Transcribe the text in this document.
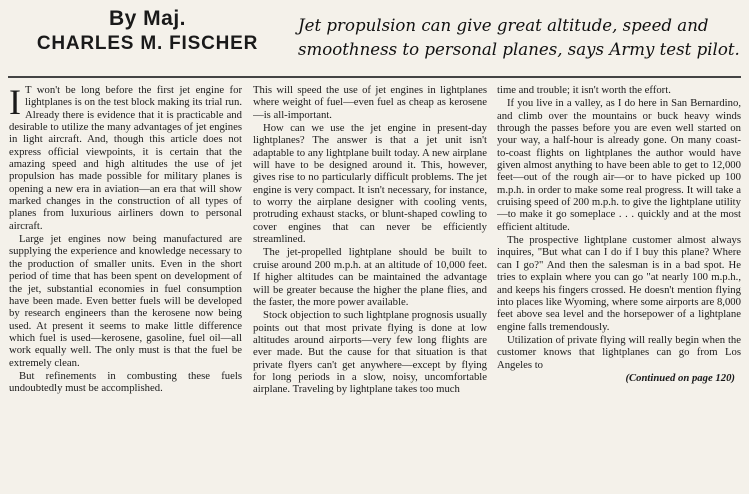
By Maj.
CHARLES M. FISCHER
Jet propulsion can give great altitude, speed and smoothness to personal planes, says Army test pilot.

I T won't be long before the first jet engine for lightplanes is on the test block making its trial run. Already there is evidence that it is practicable and desirable to utilize the many advantages of jet engines in light aircraft. And, though this article does not express official viewpoints, it is certain that the amazing speed and high altitudes the use of jet propulsion has made possible for military planes is opening a new era in aviation—an era that will show marked changes in the construction of all types of planes from luxurious airliners down to personal aircraft.

Large jet engines now being manufactured are supplying the experience and knowledge necessary to the production of smaller units. Even in the short period of time that has been spent on development of the jet, substantial economies in fuel consumption have been made. Even better fuels will be developed by research engineers than the kerosene now being used. At present it seems to make little difference which fuel is used—kerosene, gasoline, fuel oil—all work equally well. The only must is that the fuel be extremely clean.

But refinements in combusting these fuels undoubtedly must be accomplished.

This will speed the use of jet engines in lightplanes where weight of fuel—even fuel as cheap as kerosene—is all-important.

How can we use the jet engine in present-day lightplanes? The answer is that a jet unit isn't adaptable to any lightplane built today. A new airplane will have to be designed around it. This, however, gives rise to no particularly difficult problems. The jet engine is very compact. It isn't necessary, for instance, to worry the airplane designer with cooling vents, protruding exhaust stacks, or blunt-shaped cowling to cover engines that can never be efficiently streamlined.

The jet-propelled lightplane should be built to cruise around 200 m.p.h. at an altitude of 10,000 feet. If higher altitudes can be maintained the advantage will be greater because the higher the plane flies, and the faster, the more power available.

Stock objection to such lightplane prognosis usually points out that most private flying is done at low altitudes around airports—very few long flights are ever made. But the cause for that situation is that private flyers can't get anywhere—except by flying for long periods in a slow, noisy, uncomfortable airplane. Traveling by lightplane takes too much

time and trouble; it isn't worth the effort.

If you live in a valley, as I do here in San Bernardino, and climb over the mountains or buck heavy winds through the passes before you are even well started on your way, a half-hour is already gone. On many coast-to-coast flights on lightplanes the author would have given almost anything to have been able to get to 12,000 feet—out of the rough air—or to have picked up 100 m.p.h. in order to make some real progress. It will take a cruising speed of 200 m.p.h. to give the lightplane utility—to make it go someplace . . . quickly and at the most efficient altitude.

The prospective lightplane customer almost always inquires, "But what can I do if I buy this plane? Where can I go?" And then the salesman is in a bad spot. He tries to explain where you can go "at nearly 100 m.p.h., and keeps his fingers crossed. He doesn't mention flying into places like Wyoming, where some airports are 8,000 feet above sea level and the horsepower of a lightplane engine falls tremendously.

Utilization of private flying will really begin when the customer knows that lightplanes can go from Los Angeles to

(Continued on page 120)
